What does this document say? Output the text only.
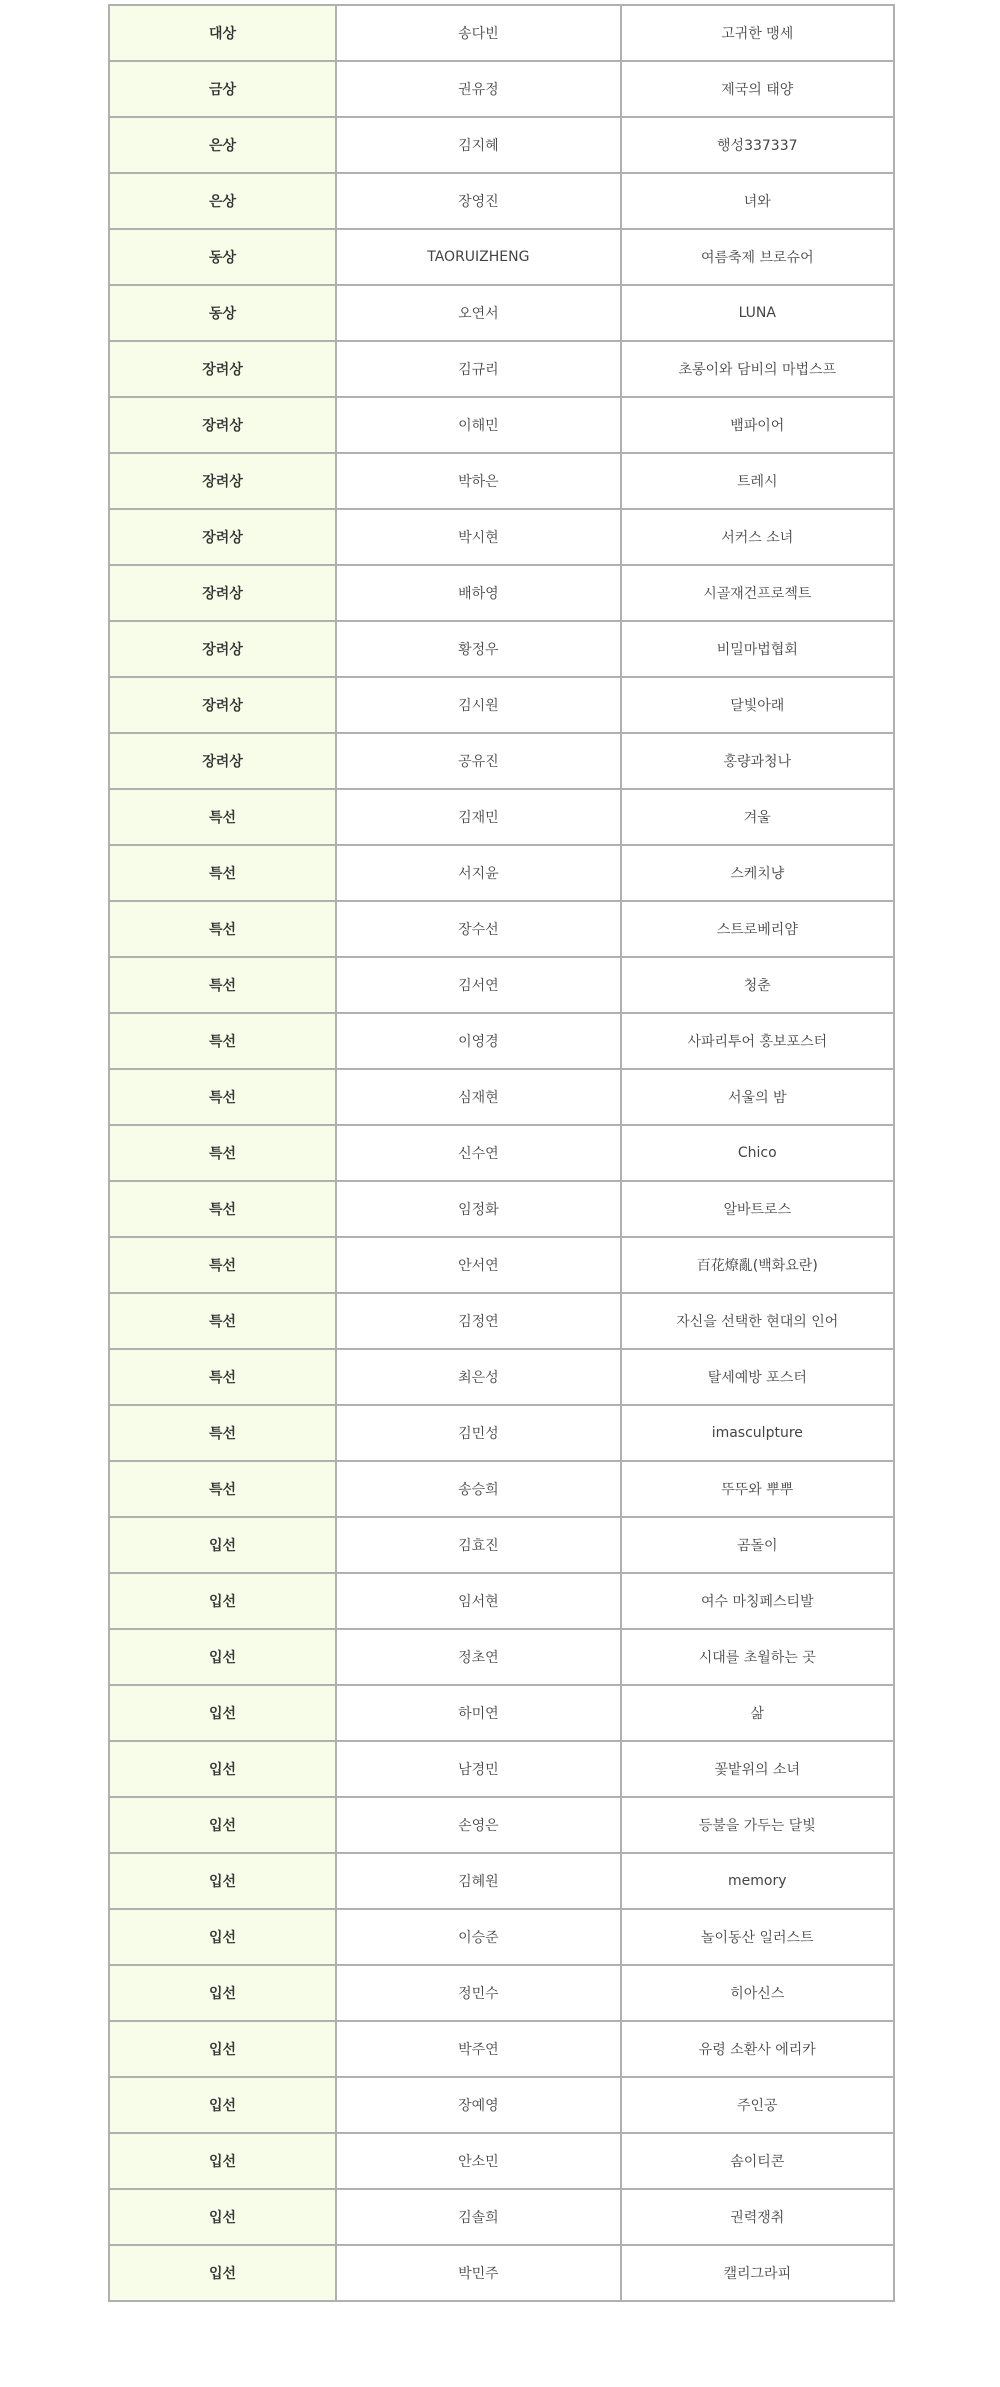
대상	송다빈	고귀한 맹세
금상	권유정	제국의 태양
은상	김지혜	행성337337
은상	장영진	녀와
동상	TAORUIZHENG	여름축제 브로슈어
동상	오연서	LUNA
장려상	김규리	초롱이와 담비의 마법스프
장려상	이해민	뱀파이어
장려상	박하은	트레시
장려상	박시현	서커스 소녀
장려상	배하영	시골재건프로젝트
장려상	황정우	비밀마법협회
장려상	김시원	달빛아래
장려상	공유진	홍량과청나
특선	김재민	겨울
특선	서지윤	스케치냥
특선	장수선	스트로베리얌
특선	김서연	청춘
특선	이영경	사파리투어 홍보포스터
특선	심재현	서울의 밤
특선	신수연	Chico
특선	임정화	알바트로스
특선	안서연	百花燎亂(백화요란)
특선	김정연	자신을 선택한 현대의 인어
특선	최은성	탈세예방 포스터
특선	김민성	imasculpture
특선	송승희	뚜뚜와 뿌뿌
입선	김효진	곰돌이
입선	임서현	여수 마칭페스티발
입선	정초연	시대를 초월하는 곳
입선	하미연	삶
입선	남경민	꽃밭위의 소녀
입선	손영은	등불을 가두는 달빛
입선	김혜원	memory
입선	이승준	놀이동산 일러스트
입선	정민수	히아신스
입선	박주연	유령 소환사 에리카
입선	장예영	주인공
입선	안소민	솜이티콘
입선	김솔희	권력쟁취
입선	박민주	캘리그라피
